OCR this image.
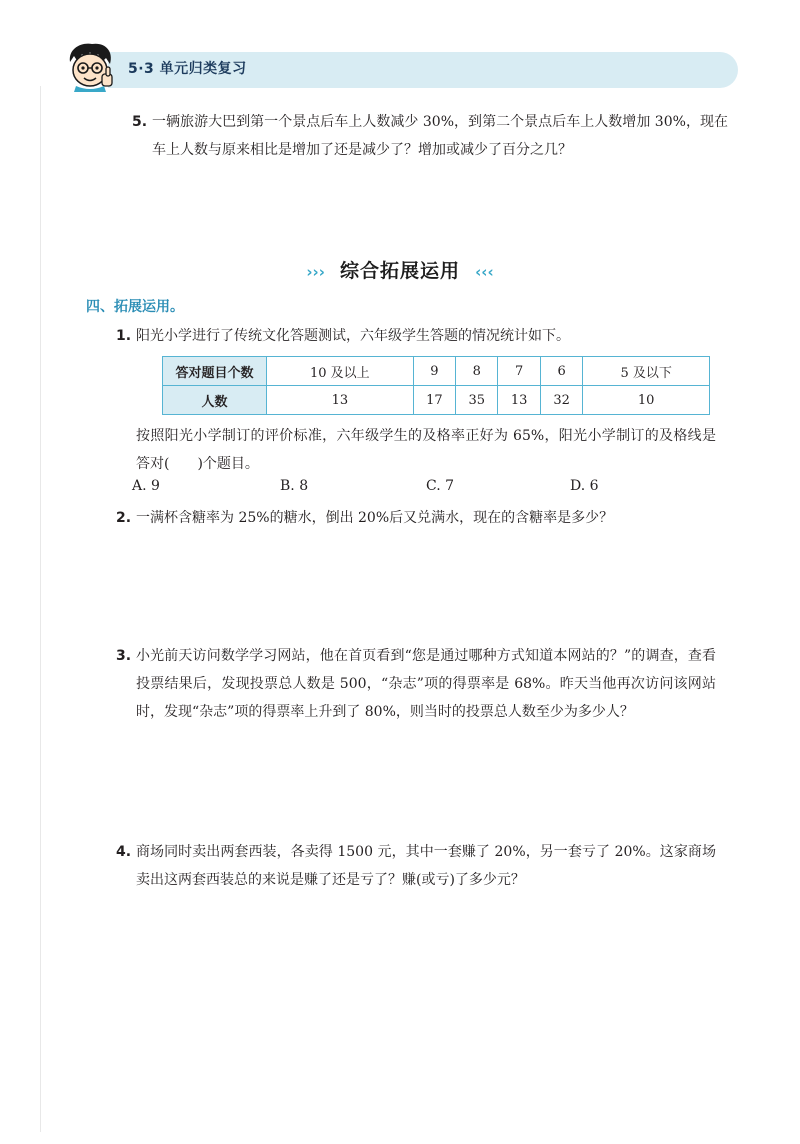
5·3 单元归类复习
5. 一辆旅游大巴到第一个景点后车上人数减少 30%，到第二个景点后车上人数增加 30%，现在车上人数与原来相比是增加了还是减少了？增加或减少了百分之几？
››› 综合拓展运用 ‹‹‹
四、拓展运用。
1. 阳光小学进行了传统文化答题测试，六年级学生答题的情况统计如下。
答对题目个数	10 及以上	9	8	7	6	5 及以下
人数	13	17	35	13	32	10
按照阳光小学制订的评价标准，六年级学生的及格率正好为 65%，阳光小学制订的及格线是答对(　　)个题目。
A. 9	B. 8	C. 7	D. 6
2. 一满杯含糖率为 25%的糖水，倒出 20%后又兑满水，现在的含糖率是多少？
3. 小光前天访问数学学习网站，他在首页看到“您是通过哪种方式知道本网站的？”的调查，查看投票结果后，发现投票总人数是 500，“杂志”项的得票率是 68%。昨天当他再次访问该网站时，发现“杂志”项的得票率上升到了 80%，则当时的投票总人数至少为多少人？
4. 商场同时卖出两套西装，各卖得 1500 元，其中一套赚了 20%，另一套亏了 20%。这家商场卖出这两套西装总的来说是赚了还是亏了？赚(或亏)了多少元？
